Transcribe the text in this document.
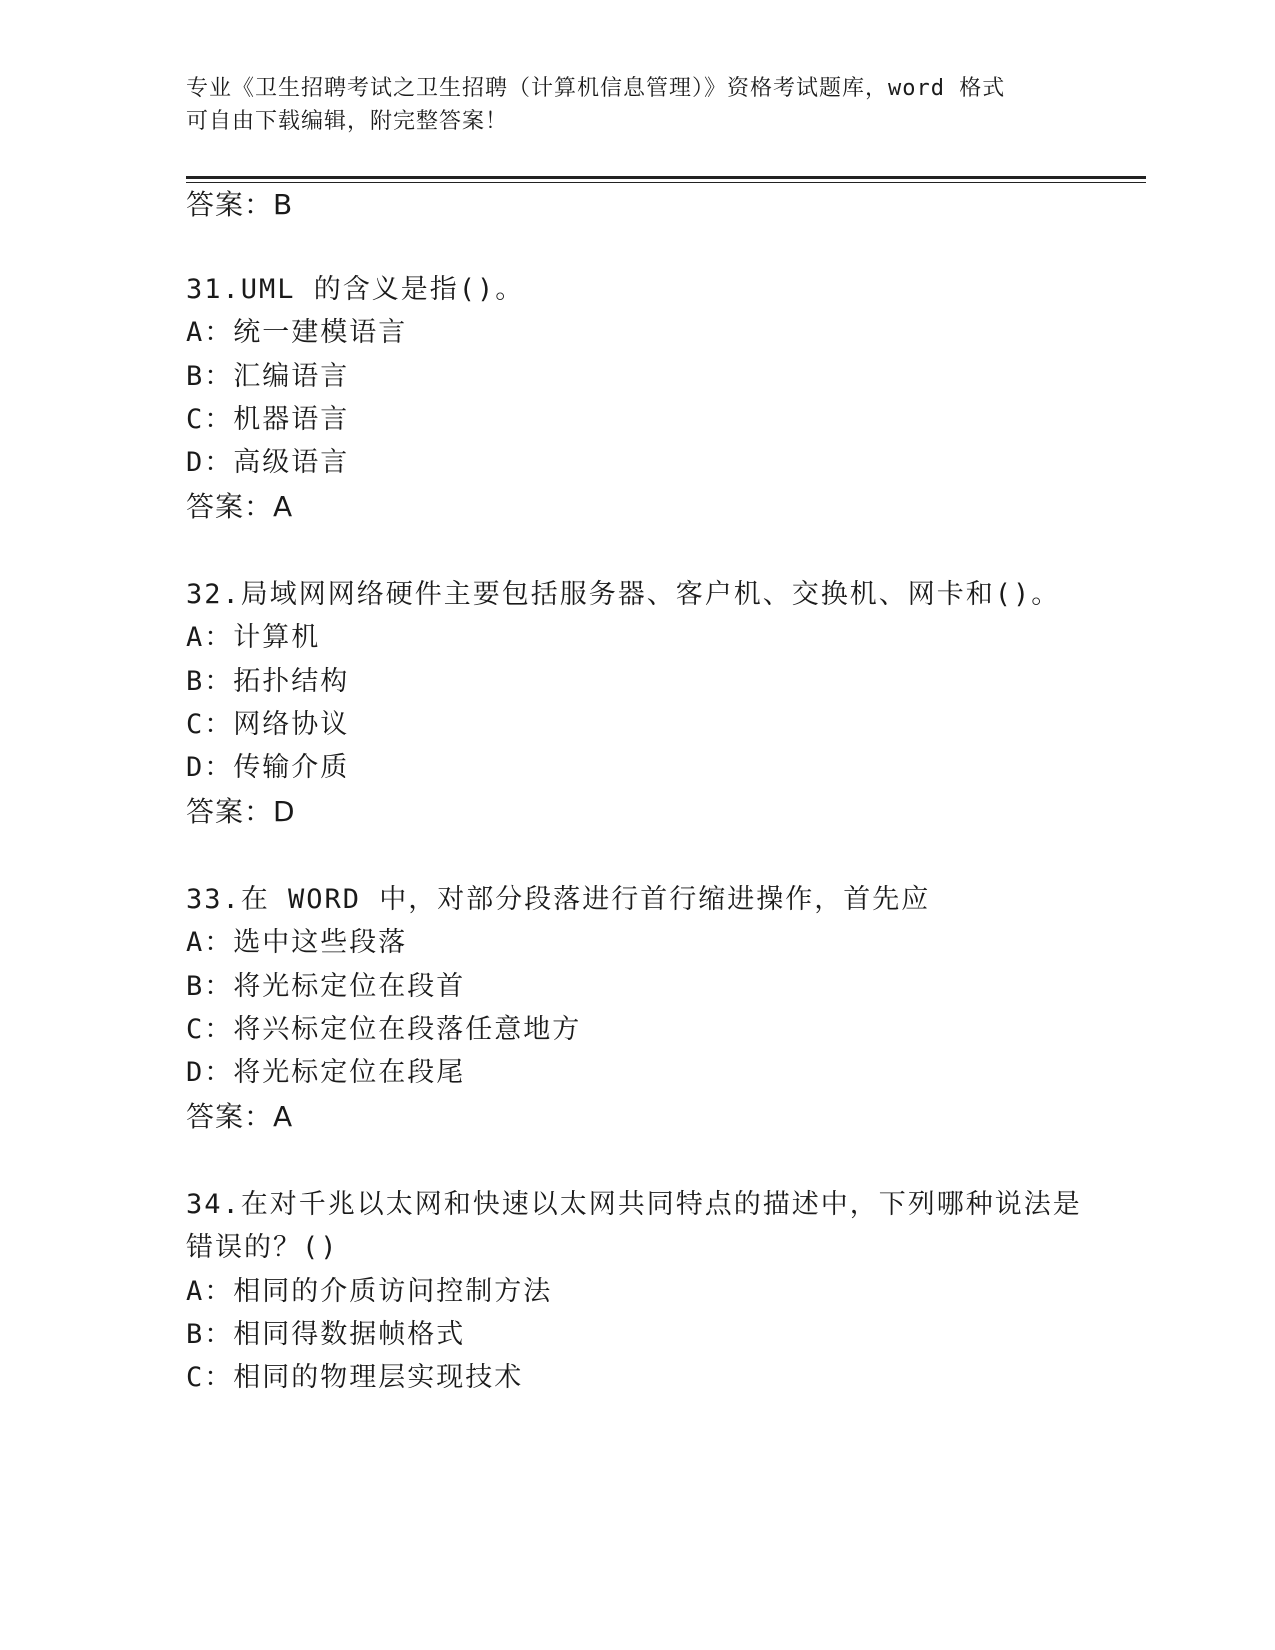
专业《卫生招聘考试之卫生招聘（计算机信息管理）》资格考试题库，word 格式
可自由下载编辑，附完整答案！
答案：B
31.UML 的含义是指()。
A：统一建模语言
B：汇编语言
C：机器语言
D：高级语言
答案：A
32.局域网网络硬件主要包括服务器、客户机、交换机、网卡和()。
A：计算机
B：拓扑结构
C：网络协议
D：传输介质
答案：D
33.在 WORD 中，对部分段落进行首行缩进操作，首先应
A：选中这些段落
B：将光标定位在段首
C：将兴标定位在段落任意地方
D：将光标定位在段尾
答案：A
34.在对千兆以太网和快速以太网共同特点的描述中，下列哪种说法是
错误的？()
A：相同的介质访问控制方法
B：相同得数据帧格式
C：相同的物理层实现技术
